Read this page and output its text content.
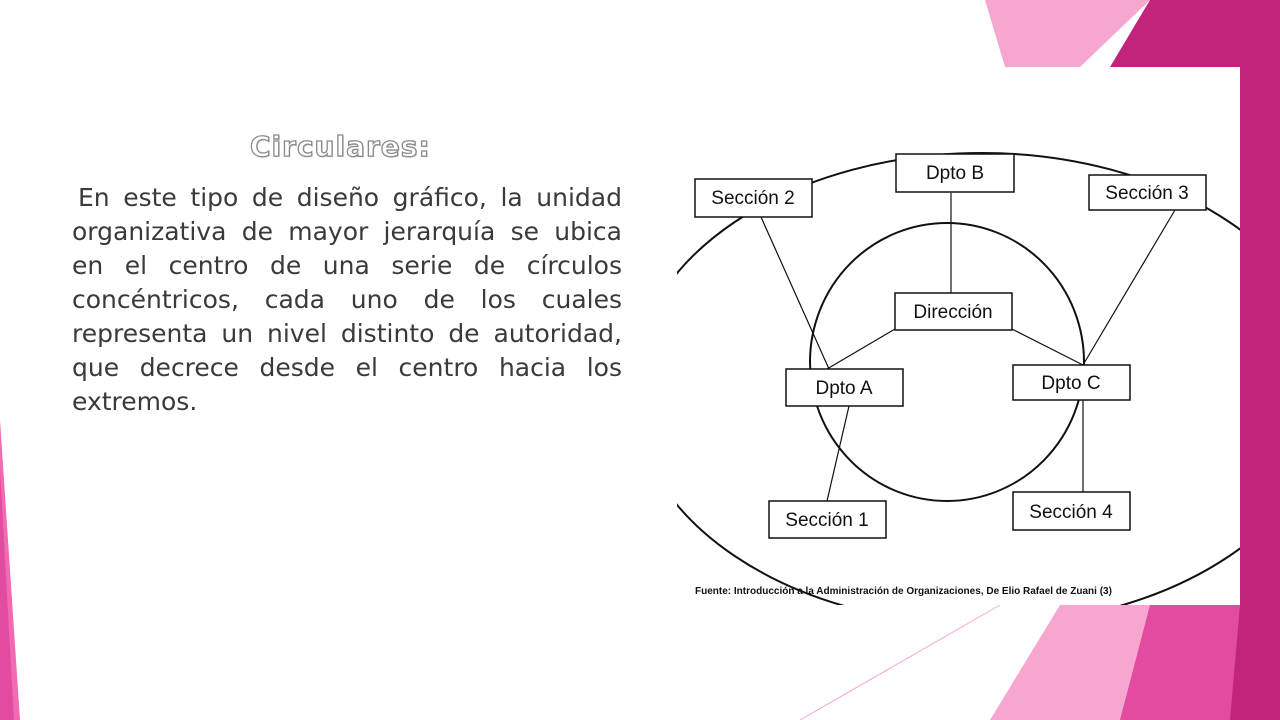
Circulares:

En este tipo de diseño gráfico, la unidad organizativa de mayor jerarquía se ubica en el centro de una serie de círculos concéntricos, cada uno de los cuales representa un nivel distinto de autoridad, que decrece desde el centro hacia los extremos.

Dpto B
Sección 2	Sección 3
Dirección
Dpto A	Dpto C
Sección 1	Sección 4
Fuente: Introducción a la Administración de Organizaciones, De Elio Rafael de Zuani (3)
